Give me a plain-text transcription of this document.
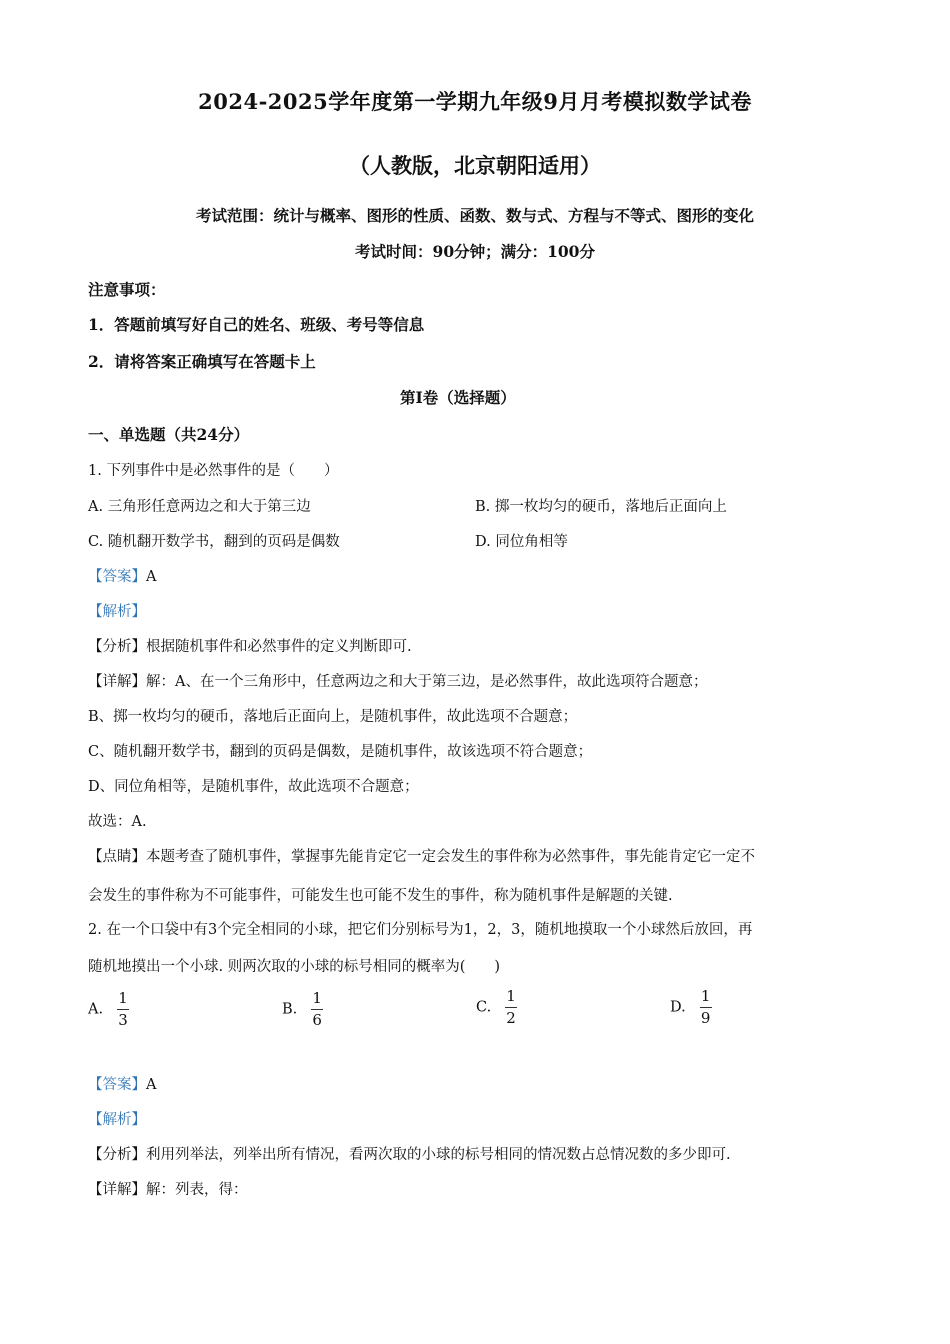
2024-2025学年度第一学期九年级9月月考模拟数学试卷
（人教版，北京朝阳适用）
考试范围：统计与概率、图形的性质、函数、数与式、方程与不等式、图形的变化
考试时间：90分钟；满分：100分
注意事项：
1．答题前填写好自己的姓名、班级、考号等信息
2．请将答案正确填写在答题卡上
第I卷（选择题）
一、单选题（共24分）
1. 下列事件中是必然事件的是（　　）
A. 三角形任意两边之和大于第三边	B. 掷一枚均匀的硬币，落地后正面向上
C. 随机翻开数学书，翻到的页码是偶数	D. 同位角相等
【答案】A
【解析】
【分析】根据随机事件和必然事件的定义判断即可.
【详解】解：A、在一个三角形中，任意两边之和大于第三边，是必然事件，故此选项符合题意；
B、掷一枚均匀的硬币，落地后正面向上，是随机事件，故此选项不合题意；
C、随机翻开数学书，翻到的页码是偶数，是随机事件，故该选项不符合题意；
D、同位角相等，是随机事件，故此选项不合题意；
故选：A.
【点睛】本题考查了随机事件，掌握事先能肯定它一定会发生的事件称为必然事件，事先能肯定它一定不
会发生的事件称为不可能事件，可能发生也可能不发生的事件，称为随机事件是解题的关键.
2. 在一个口袋中有3个完全相同的小球，把它们分别标号为1，2，3，随机地摸取一个小球然后放回，再
随机地摸出一个小球. 则两次取的小球的标号相同的概率为(　　)
A. $\frac{1}{3}$	B. $\frac{1}{6}$	C. $\frac{1}{2}$	D. $\frac{1}{9}$
【答案】A
【解析】
【分析】利用列举法，列举出所有情况，看两次取的小球的标号相同的情况数占总情况数的多少即可.
【详解】解：列表，得：
